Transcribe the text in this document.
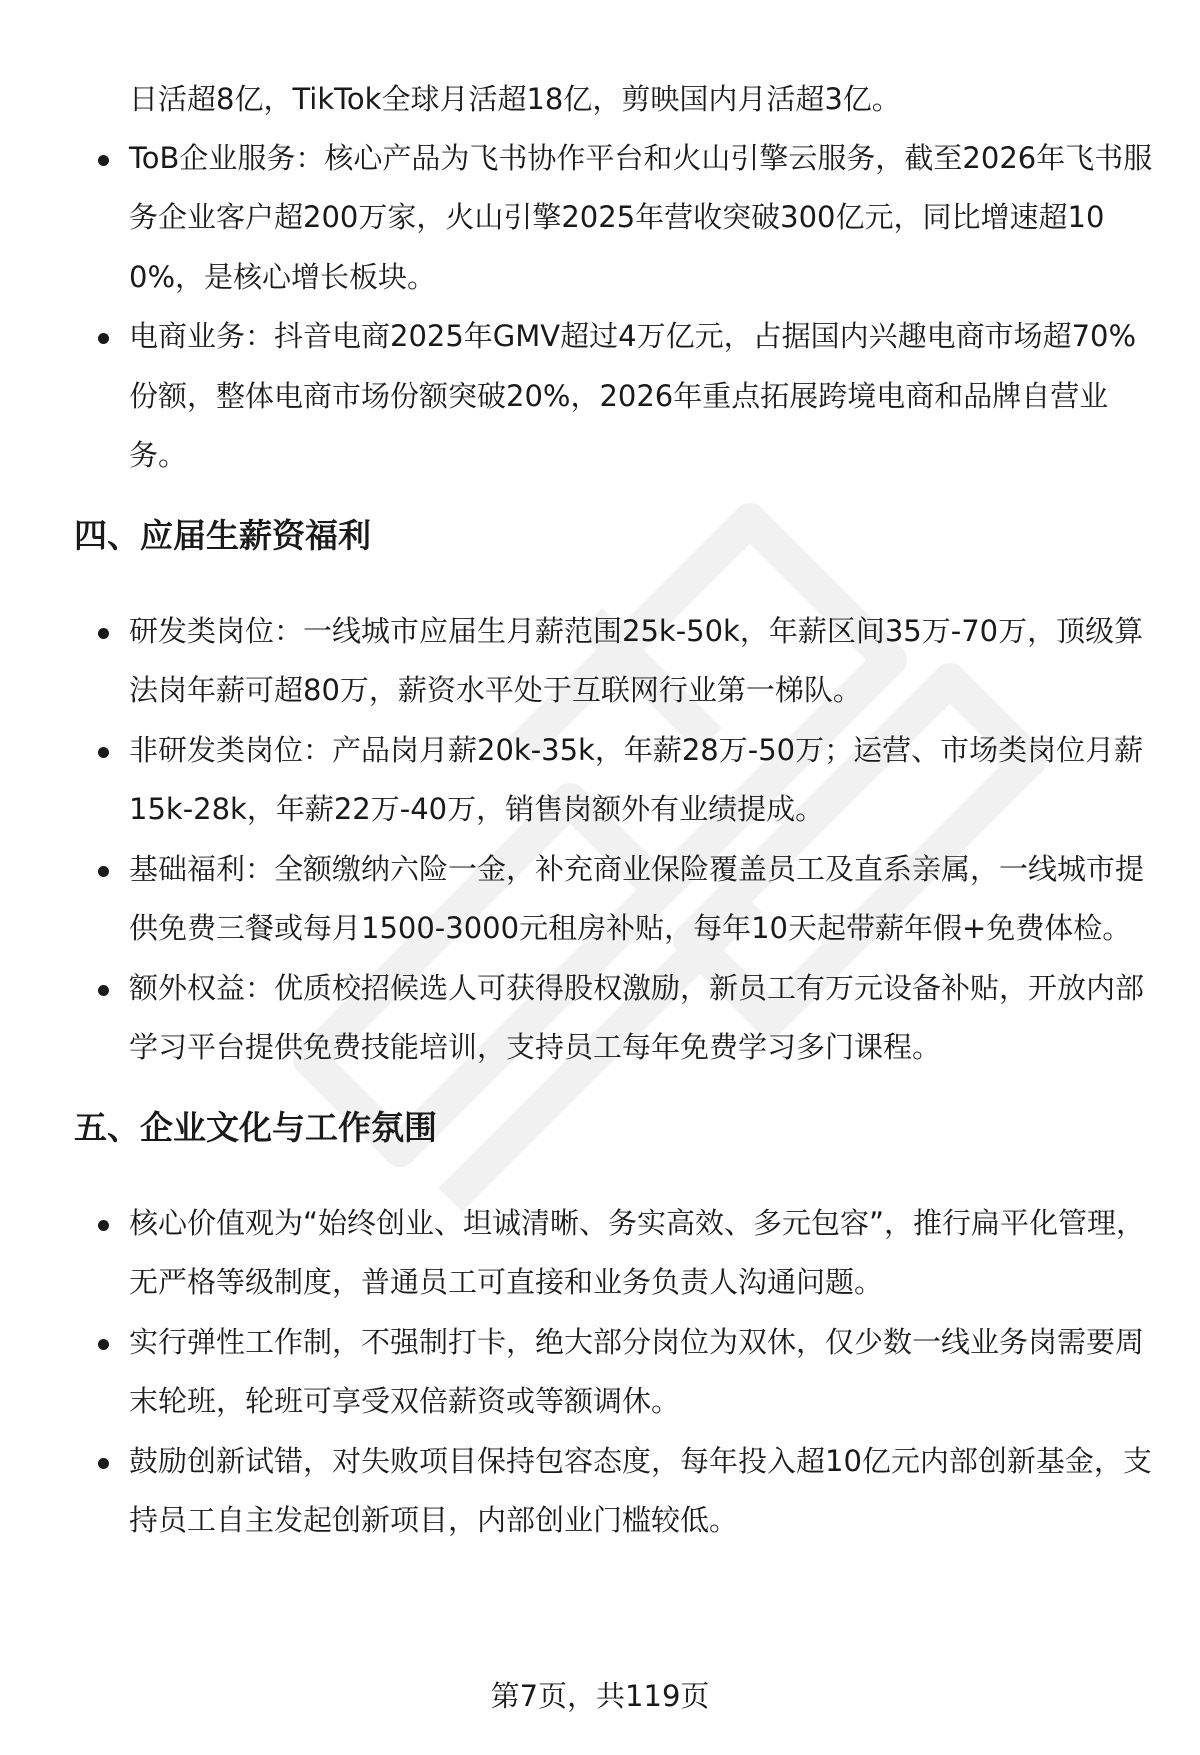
日活超8亿，TikTok全球月活超18亿，剪映国内月活超3亿。
ToB企业服务：核心产品为飞书协作平台和火山引擎云服务，截至2026年飞书服务企业客户超200万家，火山引擎2025年营收突破300亿元，同比增速超100%，是核心增长板块。
电商业务：抖音电商2025年GMV超过4万亿元，占据国内兴趣电商市场超70%份额，整体电商市场份额突破20%，2026年重点拓展跨境电商和品牌自营业务。
四、应届生薪资福利
研发类岗位：一线城市应届生月薪范围25k-50k，年薪区间35万-70万，顶级算法岗年薪可超80万，薪资水平处于互联网行业第一梯队。
非研发类岗位：产品岗月薪20k-35k，年薪28万-50万；运营、市场类岗位月薪15k-28k，年薪22万-40万，销售岗额外有业绩提成。
基础福利：全额缴纳六险一金，补充商业保险覆盖员工及直系亲属，一线城市提供免费三餐或每月1500-3000元租房补贴，每年10天起带薪年假+免费体检。
额外权益：优质校招候选人可获得股权激励，新员工有万元设备补贴，开放内部学习平台提供免费技能培训，支持员工每年免费学习多门课程。
五、企业文化与工作氛围
核心价值观为“始终创业、坦诚清晰、务实高效、多元包容”，推行扁平化管理，无严格等级制度，普通员工可直接和业务负责人沟通问题。
实行弹性工作制，不强制打卡，绝大部分岗位为双休，仅少数一线业务岗需要周末轮班，轮班可享受双倍薪资或等额调休。
鼓励创新试错，对失败项目保持包容态度，每年投入超10亿元内部创新基金，支持员工自主发起创新项目，内部创业门槛较低。
第7页，共119页
